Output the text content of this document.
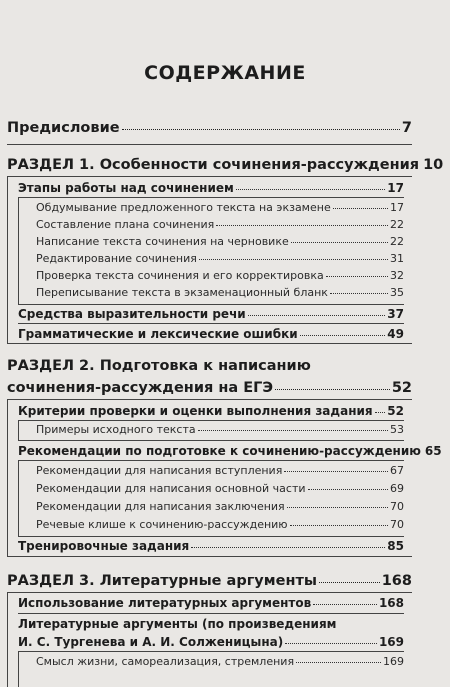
СОДЕРЖАНИЕ
Предисловие	7
РАЗДЕЛ 1. Особенности сочинения-рассуждения 10
Этапы работы над сочинением	17
Обдумывание предложенного текста на экзамене	17
Составление плана сочинения	22
Написание текста сочинения на черновике	22
Редактирование сочинения	31
Проверка текста сочинения и его корректировка	32
Переписывание текста в экзаменационный бланк	35
Средства выразительности речи	37
Грамматические и лексические ошибки	49
РАЗДЕЛ 2. Подготовка к написанию
сочинения-рассуждения на ЕГЭ	52
Критерии проверки и оценки выполнения задания 52
Примеры исходного текста	53
Рекомендации по подготовке к сочинению-рассуждению 65
Рекомендации для написания вступления	67
Рекомендации для написания основной части	69
Рекомендации для написания заключения	70
Речевые клише к сочинению-рассуждению	70
Тренировочные задания	85
РАЗДЕЛ 3. Литературные аргументы	168
Использование литературных аргументов	168
Литературные аргументы (по произведениям
И. С. Тургенева и А. И. Солженицына)	169
Смысл жизни, самореализация, стремления	169
